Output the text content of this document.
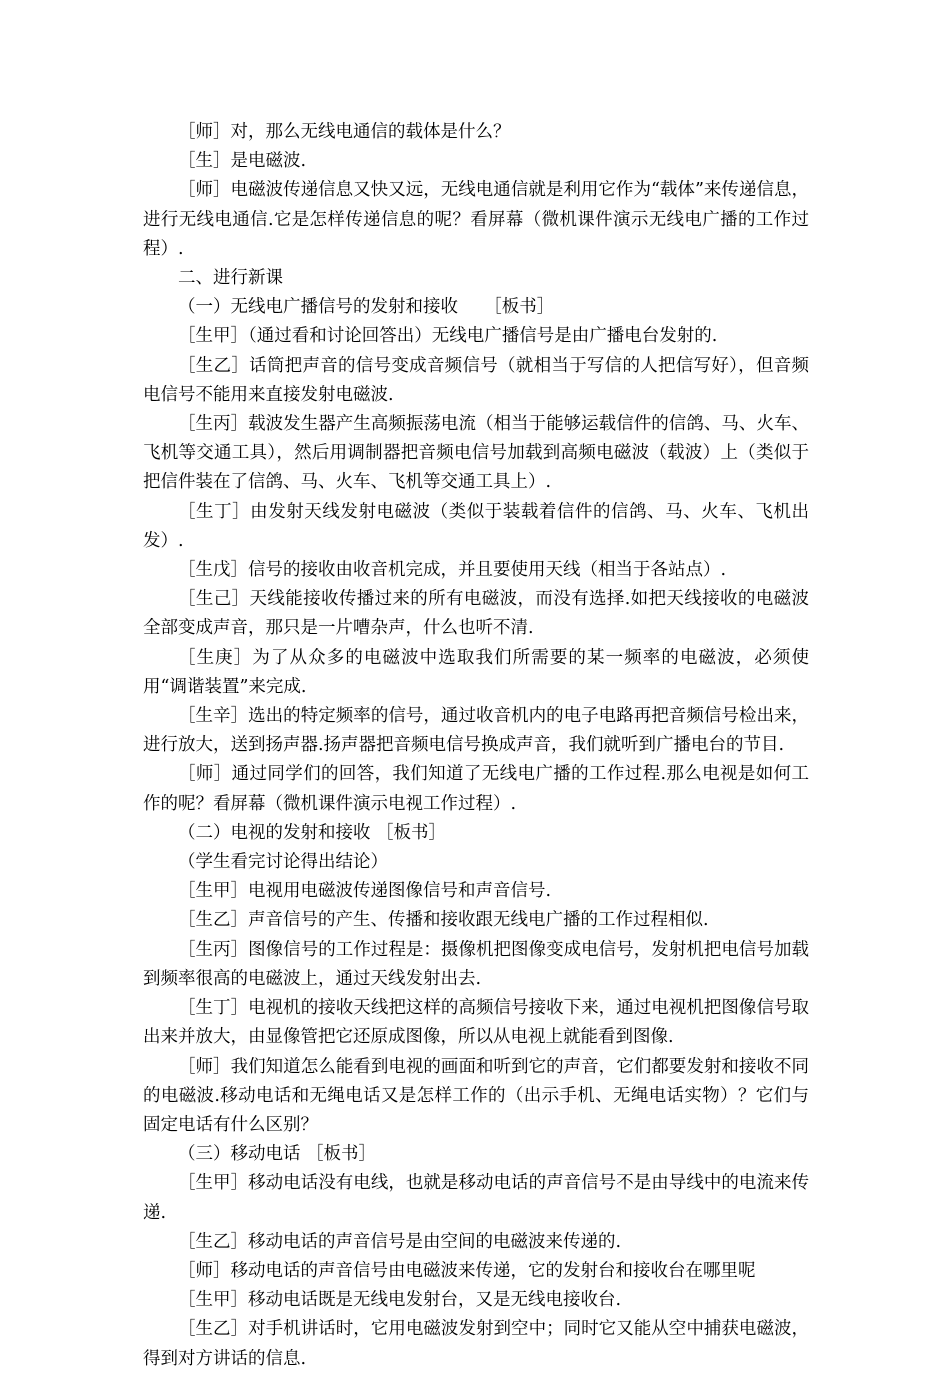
［师］对，那么无线电通信的载体是什么？

［生］是电磁波.

［师］电磁波传递信息又快又远，无线电通信就是利用它作为“载体”来传递信息，进行无线电通信.它是怎样传递信息的呢？看屏幕（微机课件演示无线电广播的工作过程）.

二、进行新课

（一）无线电广播信号的发射和接收　　［板书］

［生甲］（通过看和讨论回答出）无线电广播信号是由广播电台发射的.

［生乙］话筒把声音的信号变成音频信号（就相当于写信的人把信写好），但音频电信号不能用来直接发射电磁波.

［生丙］载波发生器产生高频振荡电流（相当于能够运载信件的信鸽、马、火车、飞机等交通工具），然后用调制器把音频电信号加载到高频电磁波（载波）上（类似于把信件装在了信鸽、马、火车、飞机等交通工具上）.

［生丁］由发射天线发射电磁波（类似于装载着信件的信鸽、马、火车、飞机出发）.

［生戊］信号的接收由收音机完成，并且要使用天线（相当于各站点）.

［生己］天线能接收传播过来的所有电磁波，而没有选择.如把天线接收的电磁波全部变成声音，那只是一片嘈杂声，什么也听不清.

［生庚］为了从众多的电磁波中选取我们所需要的某一频率的电磁波，必须使用“调谐装置”来完成.

［生辛］选出的特定频率的信号，通过收音机内的电子电路再把音频信号检出来，进行放大，送到扬声器.扬声器把音频电信号换成声音，我们就听到广播电台的节目.

［师］通过同学们的回答，我们知道了无线电广播的工作过程.那么电视是如何工作的呢？看屏幕（微机课件演示电视工作过程）.

（二）电视的发射和接收 ［板书］

（学生看完讨论得出结论）

［生甲］电视用电磁波传递图像信号和声音信号.

［生乙］声音信号的产生、传播和接收跟无线电广播的工作过程相似.

［生丙］图像信号的工作过程是：摄像机把图像变成电信号，发射机把电信号加载到频率很高的电磁波上，通过天线发射出去.

［生丁］电视机的接收天线把这样的高频信号接收下来，通过电视机把图像信号取出来并放大，由显像管把它还原成图像，所以从电视上就能看到图像.

［师］我们知道怎么能看到电视的画面和听到它的声音，它们都要发射和接收不同的电磁波.移动电话和无绳电话又是怎样工作的（出示手机、无绳电话实物）？它们与固定电话有什么区别？

（三）移动电话 ［板书］

［生甲］移动电话没有电线，也就是移动电话的声音信号不是由导线中的电流来传递.

［生乙］移动电话的声音信号是由空间的电磁波来传递的.

［师］移动电话的声音信号由电磁波来传递，它的发射台和接收台在哪里呢

［生甲］移动电话既是无线电发射台，又是无线电接收台.

［生乙］对手机讲话时，它用电磁波发射到空中；同时它又能从空中捕获电磁波，得到对方讲话的信息.
